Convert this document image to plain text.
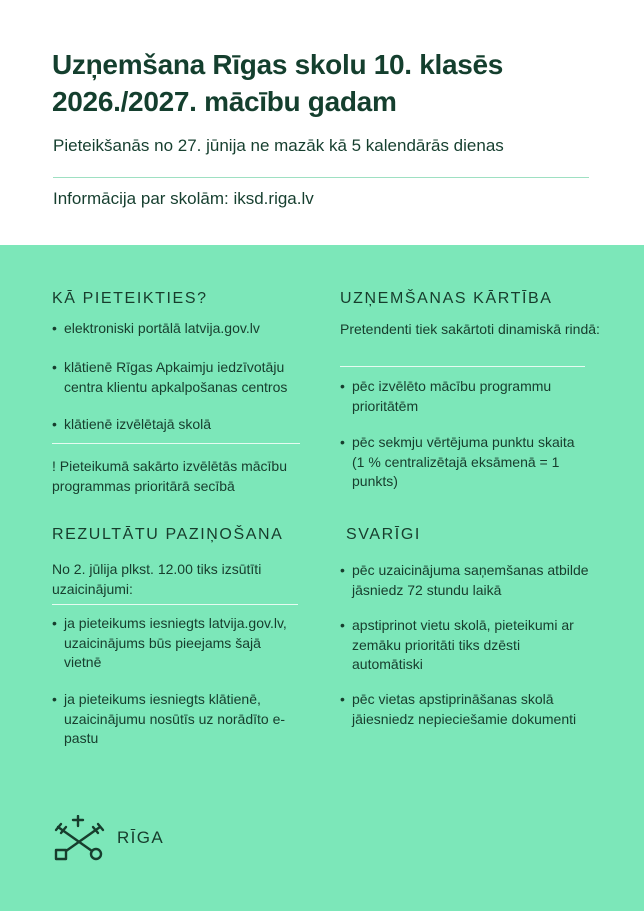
Uzņemšana Rīgas skolu 10. klasēs
2026./2027. mācību gadam
Pieteikšanās no 27. jūnija ne mazāk kā 5 kalendārās dienas
Informācija par skolām: iksd.riga.lv
KĀ PIETEIKTIES?
• elektroniski portālā latvija.gov.lv
• klātienē Rīgas Apkaimju iedzīvotāju centra klientu apkalpošanas centros
• klātienē izvēlētajā skolā
! Pieteikumā sakārto izvēlētās mācību programmas prioritārā secībā
UZŅEMŠANAS KĀRTĪBA
Pretendenti tiek sakārtoti dinamiskā rindā:
• pēc izvēlēto mācību programmu prioritātēm
• pēc sekmju vērtējuma punktu skaita (1 % centralizētajā eksāmenā = 1 punkts)
REZULTĀTU PAZIŅOŠANA
No 2. jūlija plkst. 12.00 tiks izsūtīti uzaicinājumi:
• ja pieteikums iesniegts latvija.gov.lv, uzaicinājums būs pieejams šajā vietnē
• ja pieteikums iesniegts klātienē, uzaicinājumu nosūtīs uz norādīto e-pastu
SVARĪGI
• pēc uzaicinājuma saņemšanas atbilde jāsniedz 72 stundu laikā
• apstiprinot vietu skolā, pieteikumi ar zemāku prioritāti tiks dzēsti automātiski
• pēc vietas apstiprināšanas skolā jāiesniedz nepieciešamie dokumenti
RĪGA
